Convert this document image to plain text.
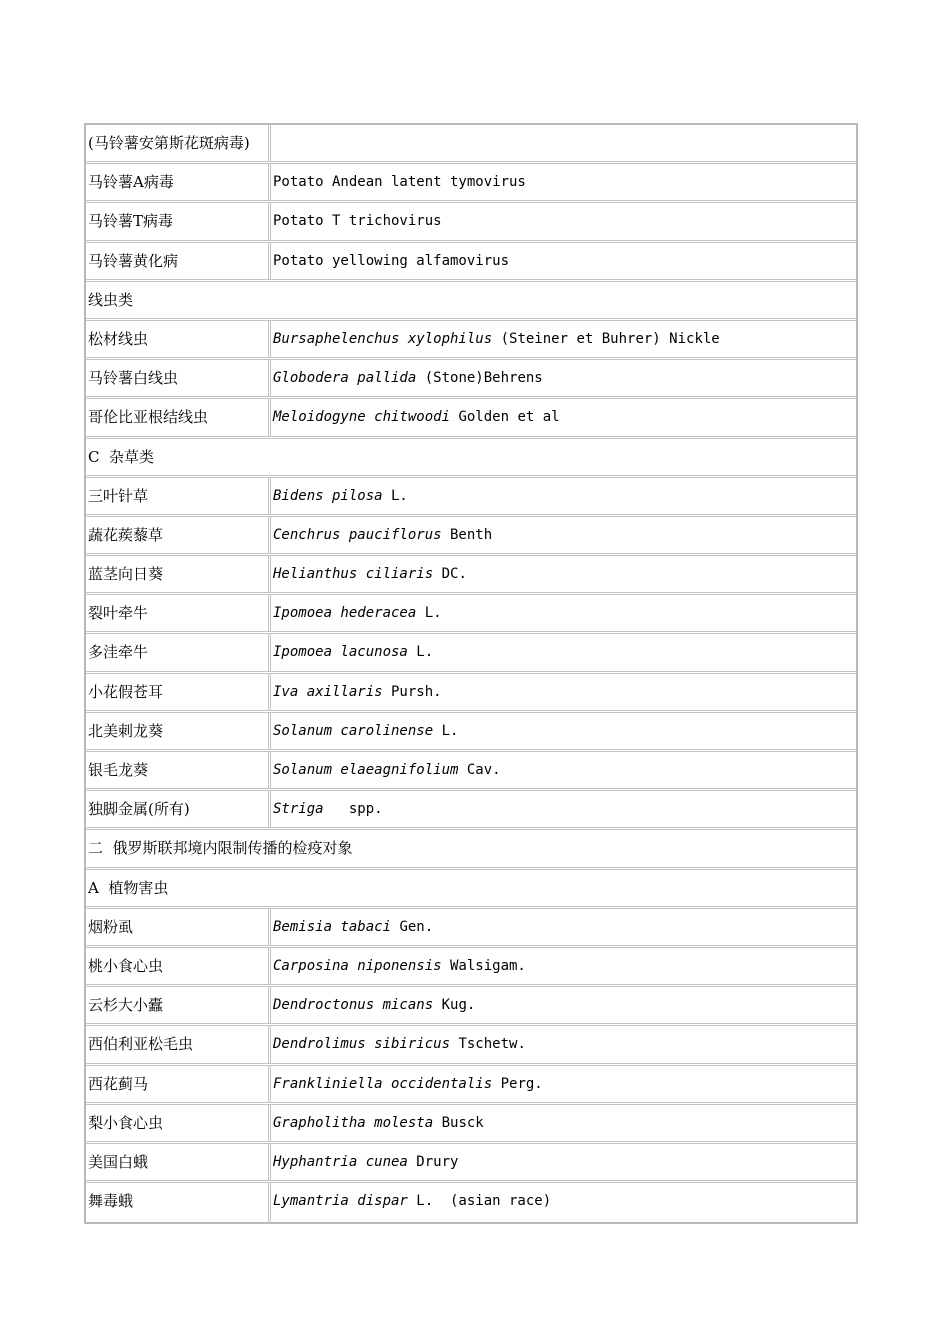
(马铃薯安第斯花斑病毒)
马铃薯A病毒	Potato Andean latent tymovirus
马铃薯T病毒	Potato T trichovirus
马铃薯黄化病	Potato yellowing alfamovirus
线虫类
松材线虫	Bursaphelenchus xylophilus (Steiner et Buhrer) Nickle
马铃薯白线虫	Globodera pallida (Stone)Behrens
哥伦比亚根结线虫	Meloidogyne chitwoodi Golden et al
C  杂草类
三叶针草	Bidens pilosa L.
蔬花蒺藜草	Cenchrus pauciflorus Benth
蓝茎向日葵	Helianthus ciliaris DC.
裂叶牵牛	Ipomoea hederacea L.
多洼牵牛	Ipomoea lacunosa L.
小花假苍耳	Iva axillaris Pursh.
北美刺龙葵	Solanum carolinense L.
银毛龙葵	Solanum elaeagnifolium Cav.
独脚金属(所有)	Striga   spp.
二  俄罗斯联邦境内限制传播的检疫对象
A  植物害虫
烟粉虱	Bemisia tabaci Gen.
桃小食心虫	Carposina niponensis Walsigam.
云杉大小蠹	Dendroctonus micans Kug.
西伯利亚松毛虫	Dendrolimus sibiricus Tschetw.
西花蓟马	Frankliniella occidentalis Perg.
梨小食心虫	Grapholitha molesta Busck
美国白蛾	Hyphantria cunea Drury
舞毒蛾	Lymantria dispar L.  (asian race)
